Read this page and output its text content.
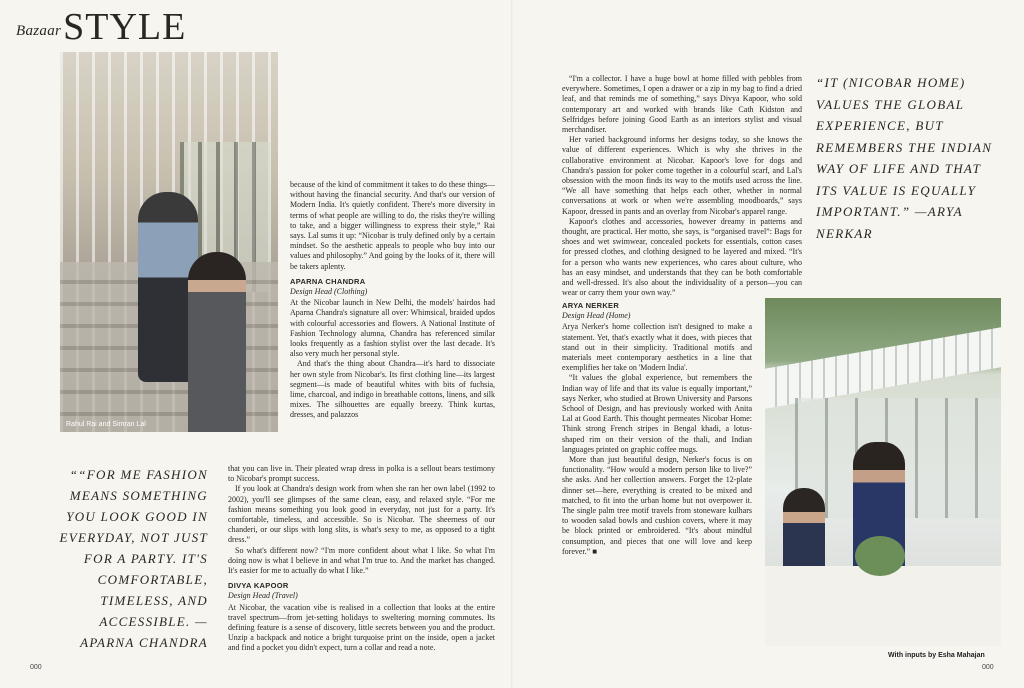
Bazaar STYLE
Rahul Rai and Simran Lal
““FOR ME FASHION MEANS SOMETHING YOU LOOK GOOD IN EVERYDAY, NOT JUST FOR A PARTY. IT'S COMFORTABLE, TIMELESS, AND ACCESSIBLE. —APARNA CHANDRA
“IT (NICOBAR HOME) VALUES THE GLOBAL EXPERIENCE, BUT REMEMBERS THE INDIAN WAY OF LIFE AND THAT ITS VALUE IS EQUALLY IMPORTANT.” —ARYA NERKAR

because of the kind of commitment it takes to do these things—without having the financial security. And that's our version of Modern India. It's quietly confident. There's more diversity in terms of what people are willing to do, the risks they're willing to take, and a bigger willingness to express their style,” Rai says. Lal sums it up: “Nicobar is truly defined only by a certain mindset. So the aesthetic appeals to people who buy into our values and philosophy.” And going by the looks of it, there will be takers aplenty.

APARNA CHANDRA
Design Head (Clothing)

At the Nicobar launch in New Delhi, the models' hairdos had Aparna Chandra's signature all over: Whimsical, braided updos with colourful accessories and flowers. A National Institute of Fashion Technology alumna, Chandra has referenced similar looks frequently as a fashion stylist over the last decade. It's also very much her personal style.

And that's the thing about Chandra—it's hard to dissociate her own style from Nicobar's. Its first clothing line—its largest segment—is made of beautiful whites with bits of fuchsia, lime, charcoal, and indigo in breathable cottons, linens, and silk mixes. The silhouettes are equally breezy. Think kurtas, dresses, and palazzos

that you can live in. Their pleated wrap dress in polka is a sellout bears testimony to Nicobar's prompt success.

If you look at Chandra's design work from when she ran her own label (1992 to 2002), you'll see glimpses of the same clean, easy, and relaxed style. “For me fashion means something you look good in everyday, not just for a party. It's comfortable, timeless, and accessible. So is Nicobar. The sheerness of our chanderi, or our slips with long slits, is what's sexy to me, as opposed to a tight dress.”

So what's different now? “I'm more confident about what I like. So what I'm doing now is what I believe in and what I'm true to. And the market has changed. It's easier for me to actually do what I like.”

DIVYA KAPOOR
Design Head (Travel)

At Nicobar, the vacation vibe is realised in a collection that looks at the entire travel spectrum—from jet-setting holidays to sweltering morning commutes. Its defining feature is a sense of discovery, little secrets between you and the product. Unzip a backpack and notice a bright turquoise print on the inside, open a jacket and find a pocket you didn't expect, turn a collar and read a note.

“I'm a collector. I have a huge bowl at home filled with pebbles from everywhere. Sometimes, I open a drawer or a zip in my bag to find a dried leaf, and that reminds me of something,” says Divya Kapoor, who sold contemporary art and worked with brands like Cath Kidston and Selfridges before joining Good Earth as an interiors stylist and visual merchandiser.

Her varied background informs her designs today, so she knows the value of different experiences. Which is why she thrives in the collaborative environment at Nicobar. Kapoor's love for dogs and Chandra's passion for poker come together in a colourful scarf, and Lal's obsession with the moon finds its way to the motifs used across the line. “We all have something that helps each other, whether in normal conversations at work or when we're assembling moodboards,” says Kapoor, dressed in pants and an overlay from Nicobar's apparel range.

Kapoor's clothes and accessories, however dreamy in patterns and thought, are practical. Her motto, she says, is “organised travel”: Bags for shoes and wet swimwear, concealed pockets for essentials, cotton cases for pressed clothes, and clothing designed to be layered and mixed. “It's for a person who wants new experiences, who cares about culture, who has an easy mindset, and understands that they can be both comfortable and well-dressed. It's also about the individuality of a person—you can wear or carry them your own way.”

ARYA NERKER
Design Head (Home)

Arya Nerker's home collection isn't designed to make a statement. Yet, that's exactly what it does, with pieces that stand out in their simplicity. Traditional motifs and materials meet contemporary aesthetics in a line that exemplifies her take on 'Modern India'.

“It values the global experience, but remembers the Indian way of life and that its value is equally important,” says Nerker, who studied at Brown University and Parsons School of Design, and has previously worked with Anita Lal at Good Earth. This thought permeates Nicobar Home: Think strong French stripes in Bengal khadi, a lotus-shaped rim on their version of the thali, and Indian languages printed on graphic coffee mugs.

More than just beautiful design, Nerker's focus is on functionality. “How would a modern person like to live?” she asks. And her collection answers. Forget the 12-plate dinner set—here, everything is created to be mixed and matched, to fit into the urban home but not overpower it. The single palm tree motif travels from stoneware kulhars to wooden salad bowls and cushion covers, where it may be block printed or embroidered. “It's about mindful consumption, and pieces that one will love and keep forever.” ■

With inputs by Esha Mahajan
000	000
